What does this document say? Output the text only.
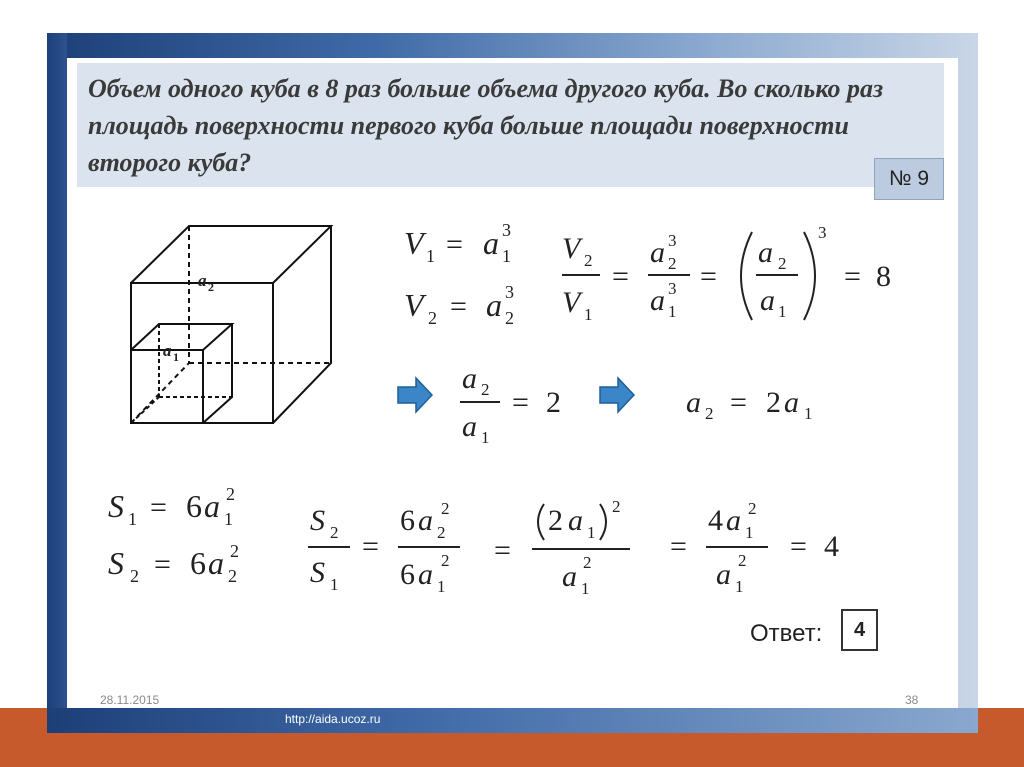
Объем одного куба в 8 раз больше объема другого куба. Во сколько раз площадь поверхности первого куба больше площади поверхности второго куба?

№ 9
a 2
a 1
V 1 = a 1
3
V 2 = a 2
3
V 2
V 1
=
a 2
3
a 1
3 =
a 2
a 1
3
= 8
a 2
a 1
= 2	a 2 = 2 a 1
S 1 = 6 a 1
2
S 2 = 6 a 2
2
S 2
S 1
=
6 a 2
2
6 a 1
2 =
2 a 1
2
a 1
2	=
4 a 1
2
a 1
2 = 4
Ответ:	4
28.11.2015	38
http://aida.ucoz.ru
